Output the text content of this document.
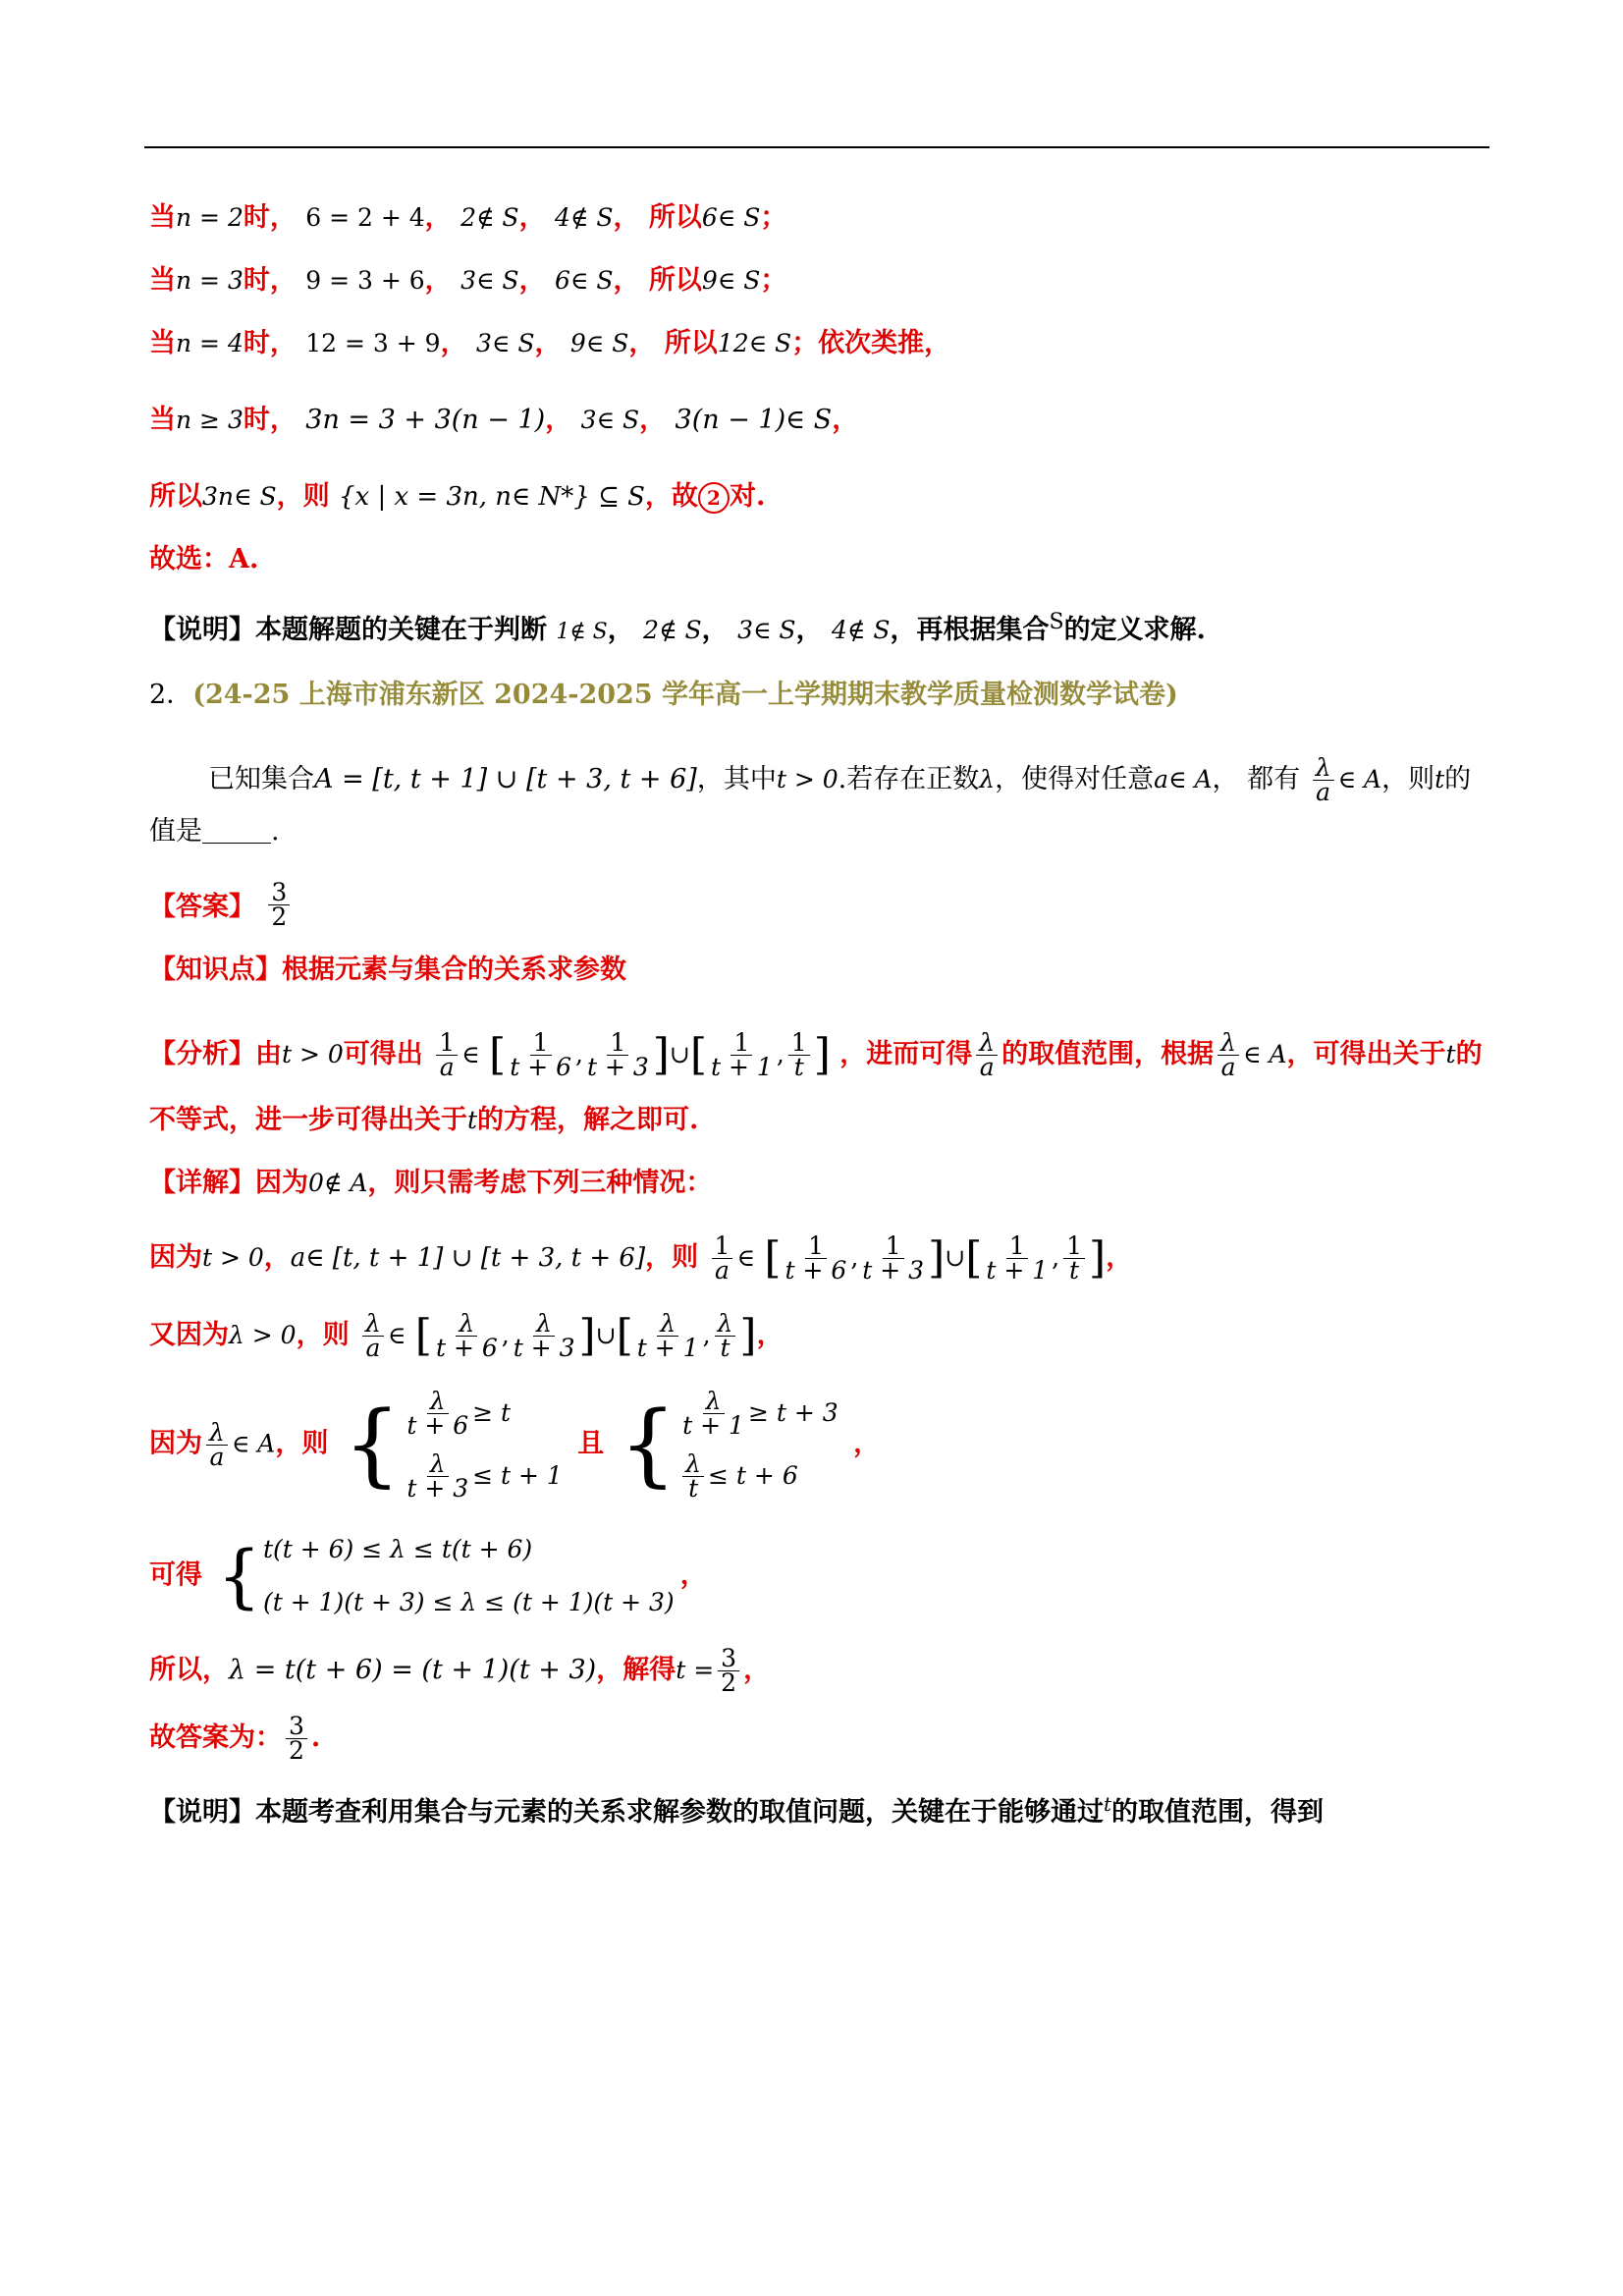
当n = 2时， 6 = 2 + 4， 2∉ S， 4∉ S， 所以6∈ S；
当n = 3时， 9 = 3 + 6， 3∈ S， 6∈ S， 所以9∈ S；
当n = 4时， 12 = 3 + 9， 3∈ S， 9∈ S， 所以12∈ S；依次类推，
当n ≥ 3时， 3n = 3 + 3(n − 1)， 3∈ S， 3(n − 1)∈ S，
所以3n∈ S，则 {x | x = 3n, n∈ N*} ⊆ S，故 2 对.
故选：A.
【说明】本题解题的关键在于判断 1∉ S， 2∉ S， 3∈ S， 4∉ S，再根据集合$^S$的定义求解.
2．(24-25 上海市浦东新区 2024-2025 学年高一上学期期末教学质量检测数学试卷)
已知集合A = [t, t + 1] ∪ [t + 3, t + 6]，其中t > 0.若存在正数λ，使得对任意a∈ A， 都有 $\frac{\lambda}{a}$ ∈ A，则t的
值是	.
【答案】 $\frac{3}{2}$
【知识点】根据元素与集合的关系求参数
【分析】由t > 0可得出 $\frac{1}{a}$ ∈ [ $\frac{1}{t + 6}$ , $\frac{1}{t + 3}$ ]∪[ $\frac{1}{t + 1}$ , $\frac{1}{t}$ ] ，进而可得 $\frac{\lambda}{a}$ 的取值范围，根据 $\frac{\lambda}{a}$ ∈ A，可得出关于t的
不等式，进一步可得出关于t的方程，解之即可.
【详解】因为0∉ A，则只需考虑下列三种情况：
因为t > 0，a∈ [t, t + 1] ∪ [t + 3, t + 6]，则 $\frac{1}{a}$ ∈ [ $\frac{1}{t + 6}$ , $\frac{1}{t + 3}$ ]∪[ $\frac{1}{t + 1}$ , $\frac{1}{t}$ ]，
又因为λ > 0，则 $\frac{\lambda}{a}$ ∈ [ $\frac{\lambda}{t + 6}$ , $\frac{\lambda}{t + 3}$ ]∪[ $\frac{\lambda}{t + 1}$ , $\frac{\lambda}{t}$ ]，
因为 $\frac{\lambda}{a}$ ∈ A，则 { $\frac{\lambda}{t + 6} \ge t$
$\frac{\lambda}{t + 3} \le t + 1$
且 { $\frac{\lambda}{t + 1} \ge t + 3$
$\frac{\lambda}{t} \le t + 6$
，
可得 { t(t + 6) ≤ λ ≤ t(t + 6)
(t + 1)(t + 3) ≤ λ ≤ (t + 1)(t + 3)
，
所以，λ = t(t + 6) = (t + 1)(t + 3)，解得$t = \frac{3}{2}$ ，
故答案为： $\frac{3}{2}$ .
【说明】本题考查利用集合与元素的关系求解参数的取值问题，关键在于能够通过$^t$的取值范围，得到
